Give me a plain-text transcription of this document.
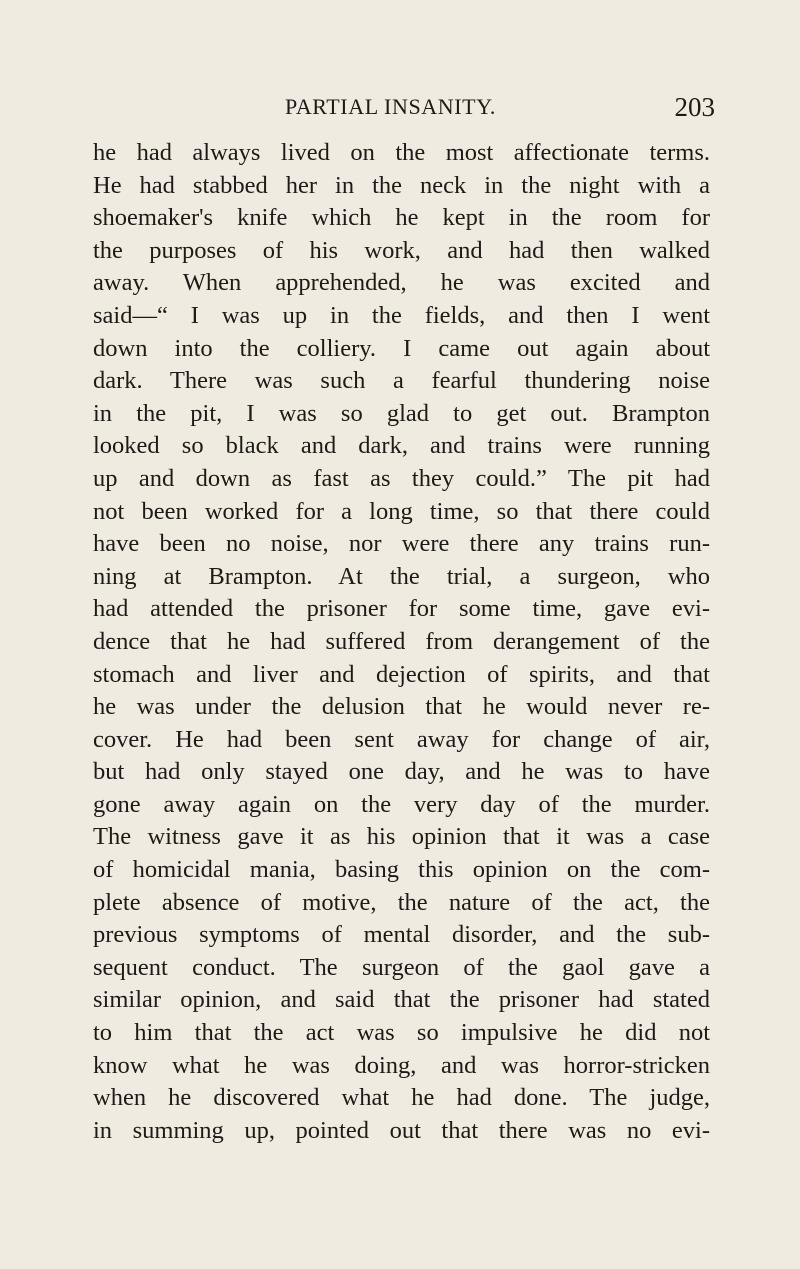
PARTIAL INSANITY.	203
he had always lived on the most affectionate terms.
He had stabbed her in the neck in the night with a
shoemaker's knife which he kept in the room for
the purposes of his work, and had then walked
away. When apprehended, he was excited and
said—“ I was up in the fields, and then I went
down into the colliery. I came out again about
dark. There was such a fearful thundering noise
in the pit, I was so glad to get out. Brampton
looked so black and dark, and trains were running
up and down as fast as they could.” The pit had
not been worked for a long time, so that there could
have been no noise, nor were there any trains run-
ning at Brampton. At the trial, a surgeon, who
had attended the prisoner for some time, gave evi-
dence that he had suffered from derangement of the
stomach and liver and dejection of spirits, and that
he was under the delusion that he would never re-
cover. He had been sent away for change of air,
but had only stayed one day, and he was to have
gone away again on the very day of the murder.
The witness gave it as his opinion that it was a case
of homicidal mania, basing this opinion on the com-
plete absence of motive, the nature of the act, the
previous symptoms of mental disorder, and the sub-
sequent conduct. The surgeon of the gaol gave a
similar opinion, and said that the prisoner had stated
to him that the act was so impulsive he did not
know what he was doing, and was horror-stricken
when he discovered what he had done. The judge,
in summing up, pointed out that there was no evi-
